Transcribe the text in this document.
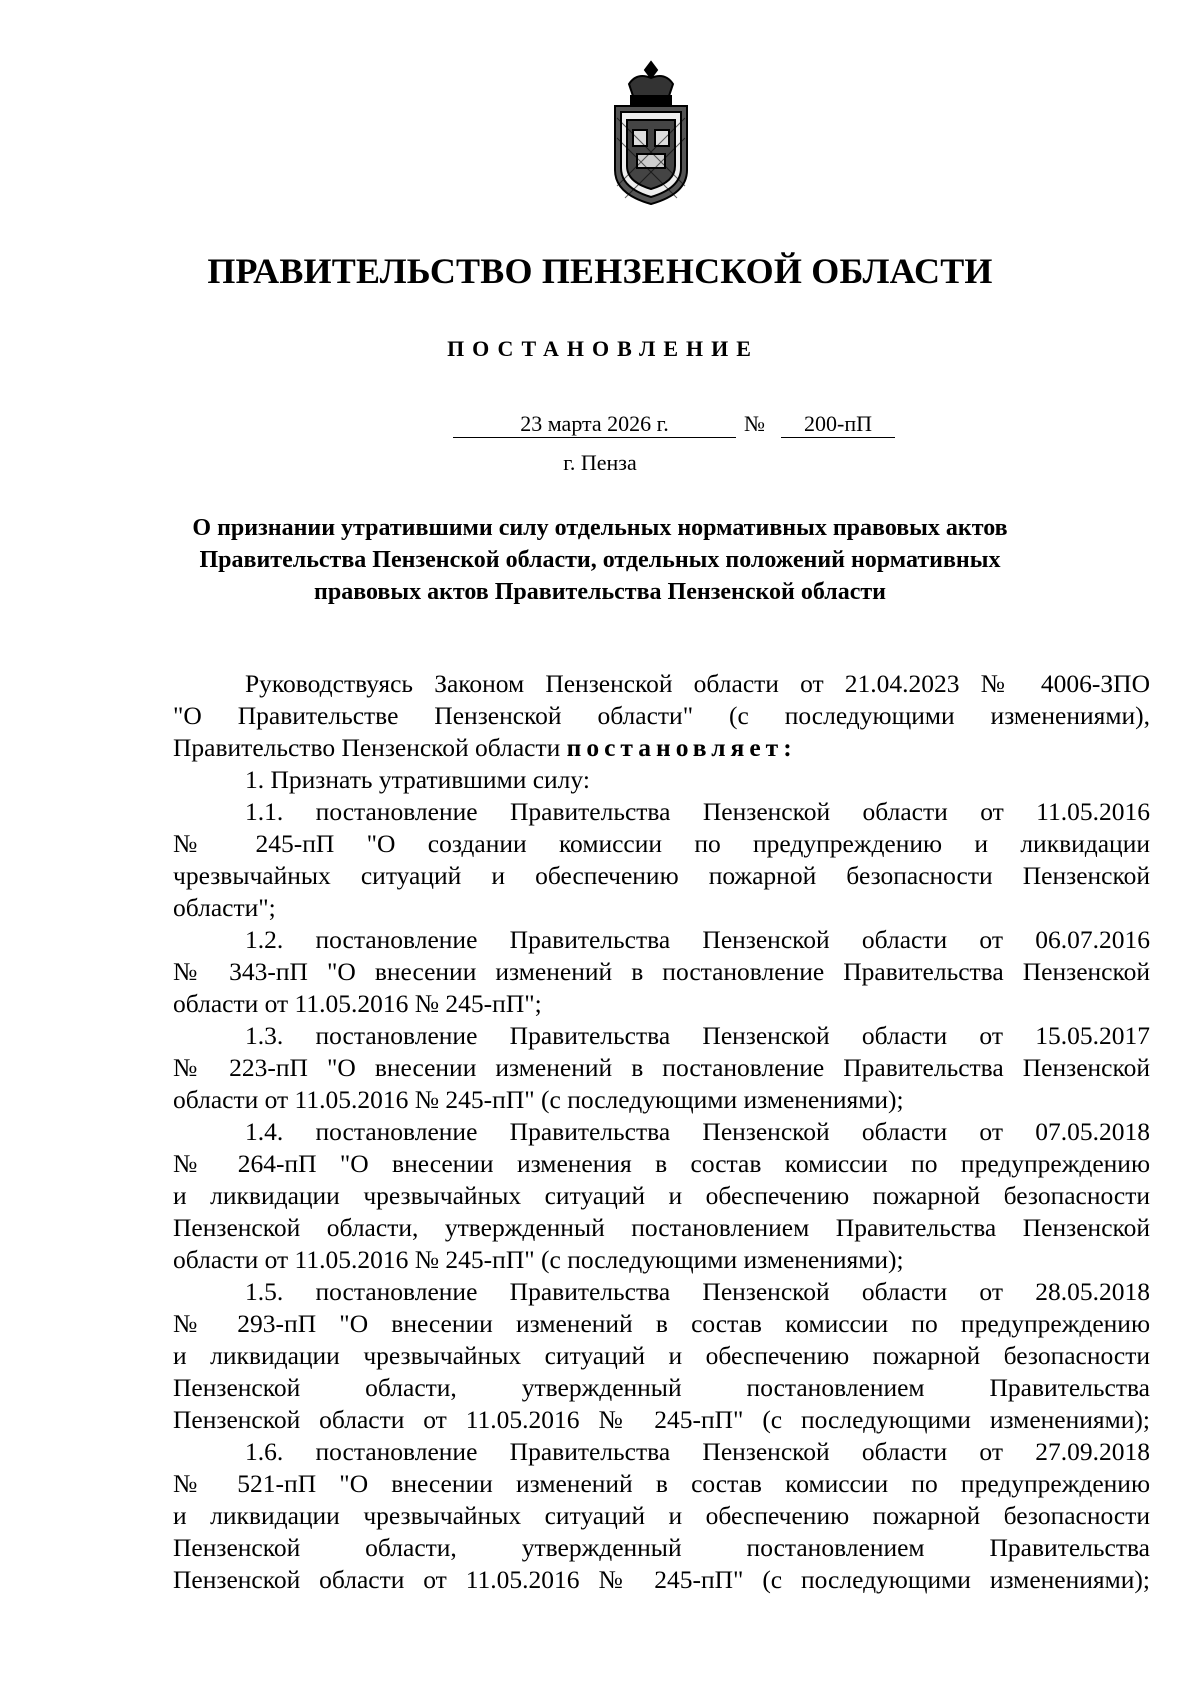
ПРАВИТЕЛЬСТВО ПЕНЗЕНСКОЙ ОБЛАСТИ
ПОСТАНОВЛЕНИЕ
23 марта 2026 г.	№	200-пП
г. Пенза
О признании утратившими силу отдельных нормативных правовых актов
Правительства Пензенской области, отдельных положений нормативных
правовых актов Правительства Пензенской области
Руководствуясь Законом Пензенской области от 21.04.2023 № 4006-ЗПО
"О Правительстве Пензенской области" (с последующими изменениями),
Правительство Пензенской области постановляет:
1. Признать утратившими силу:
1.1. постановление Правительства Пензенской области от 11.05.2016
№ 245-пП "О создании комиссии по предупреждению и ликвидации
чрезвычайных ситуаций и обеспечению пожарной безопасности Пензенской
области";
1.2. постановление Правительства Пензенской области от 06.07.2016
№ 343-пП "О внесении изменений в постановление Правительства Пензенской
области от 11.05.2016 № 245-пП";
1.3. постановление Правительства Пензенской области от 15.05.2017
№ 223-пП "О внесении изменений в постановление Правительства Пензенской
области от 11.05.2016 № 245-пП" (с последующими изменениями);
1.4. постановление Правительства Пензенской области от 07.05.2018
№ 264-пП "О внесении изменения в состав комиссии по предупреждению
и ликвидации чрезвычайных ситуаций и обеспечению пожарной безопасности
Пензенской области, утвержденный постановлением Правительства Пензенской
области от 11.05.2016 № 245-пП" (с последующими изменениями);
1.5. постановление Правительства Пензенской области от 28.05.2018
№ 293-пП "О внесении изменений в состав комиссии по предупреждению
и ликвидации чрезвычайных ситуаций и обеспечению пожарной безопасности
Пензенской области, утвержденный постановлением Правительства
Пензенской области от 11.05.2016 № 245-пП" (с последующими изменениями);
1.6. постановление Правительства Пензенской области от 27.09.2018
№ 521-пП "О внесении изменений в состав комиссии по предупреждению
и ликвидации чрезвычайных ситуаций и обеспечению пожарной безопасности
Пензенской области, утвержденный постановлением Правительства
Пензенской области от 11.05.2016 № 245-пП" (с последующими изменениями);
